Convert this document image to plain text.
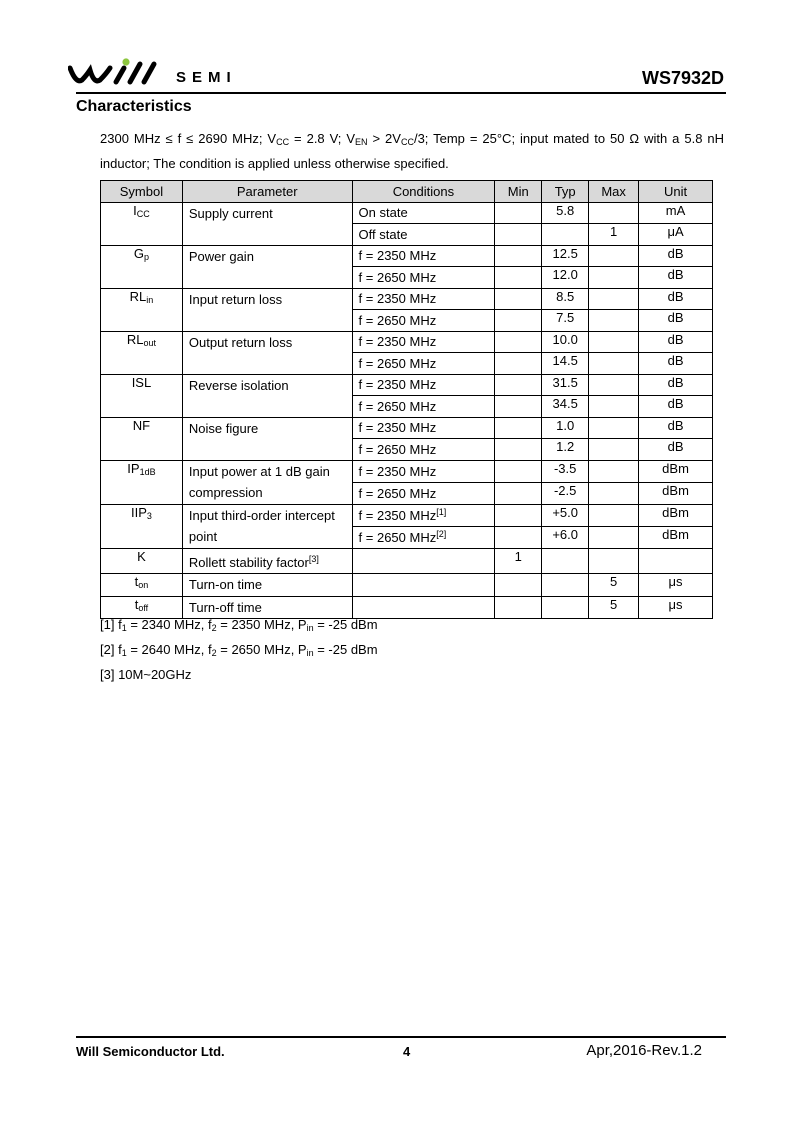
SEMI	WS7932D
Characteristics
2300 MHz ≤ f ≤ 2690 MHz; $V_{CC} = 2.8$ V; $V_{EN} > 2V_{CC}/3$; Temp = 25°C; input mated to 50 Ω with a 5.8 nH inductor; The condition is applied unless otherwise specified.
Symbol	Parameter	Conditions	Min	Typ	Max	Unit
$I_{CC}$	Supply current	On state		5.8		mA
		Off state			1	μA
$G_p$	Power gain	f = 2350 MHz		12.5		dB
		f = 2650 MHz		12.0		dB
$RL_{in}$	Input return loss	f = 2350 MHz		8.5		dB
		f = 2650 MHz		7.5		dB
$RL_{out}$	Output return loss	f = 2350 MHz		10.0		dB
		f = 2650 MHz		14.5		dB
ISL	Reverse isolation	f = 2350 MHz		31.5		dB
		f = 2650 MHz		34.5		dB
NF	Noise figure	f = 2350 MHz		1.0		dB
		f = 2650 MHz		1.2		dB
$IP_{1dB}$	Input power at 1 dB gain compression	f = 2350 MHz		-3.5		dBm
		f = 2650 MHz		-2.5		dBm
$IIP_3$	Input third-order intercept point	f = 2350 MHz[1]		+5.0		dBm
		f = 2650 MHz[2]		+6.0		dBm
K	Rollett stability factor[3]		1			
$t_{on}$	Turn-on time				5	μs
$t_{off}$	Turn-off time				5	μs
[1] $f_1 = 2340$ MHz, $f_2 = 2350$ MHz, $P_{in} = -25$ dBm
[2] $f_1 = 2640$ MHz, $f_2 = 2650$ MHz, $P_{in} = -25$ dBm
[3] 10M~20GHz
Will Semiconductor Ltd.	4	Apr,2016-Rev.1.2
